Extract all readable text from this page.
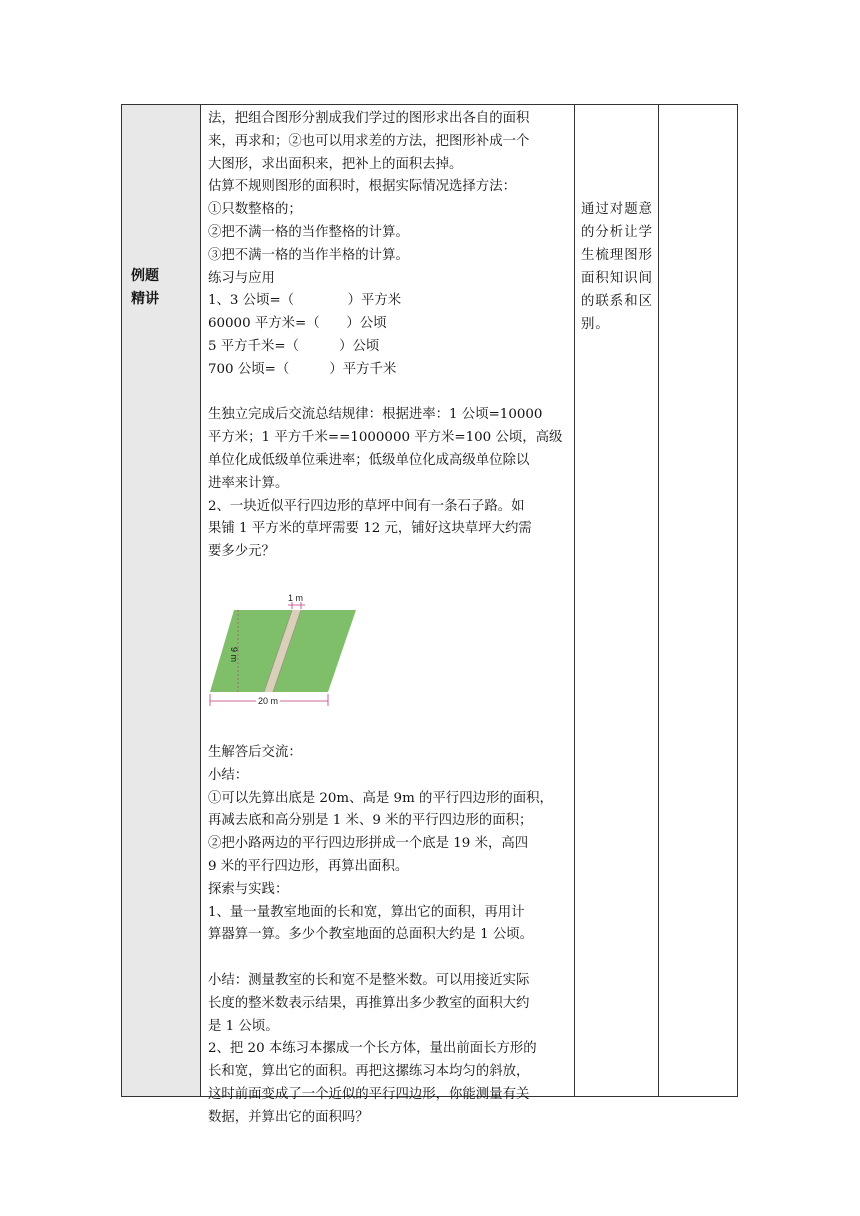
例题
精讲

法，把组合图形分割成我们学过的图形求出各自的面积

来，再求和；②也可以用求差的方法，把图形补成一个

大图形，求出面积来，把补上的面积去掉。

估算不规则图形的面积时，根据实际情况选择方法：

①只数整格的；

②把不满一格的当作整格的计算。

③把不满一格的当作半格的计算。

练习与应用

1、3 公顷=（　　　　）平方米

60000 平方米=（　　）公顷

5 平方千米=（　　　）公顷

700 公顷=（　　　）平方千米

生独立完成后交流总结规律：根据进率：1 公顷=10000

平方米；1 平方千米==1000000 平方米=100 公顷，高级

单位化成低级单位乘进率；低级单位化成高级单位除以

进率来计算。

2、一块近似平行四边形的草坪中间有一条石子路。如

果铺 1 平方米的草坪需要 12 元，铺好这块草坪大约需

要多少元？

1 m
9 m
20 m

生解答后交流：

小结：

①可以先算出底是 20m、高是 9m 的平行四边形的面积，

再减去底和高分别是 1 米、9 米的平行四边形的面积；

②把小路两边的平行四边形拼成一个底是 19 米，高四

9 米的平行四边形，再算出面积。

探索与实践：

1、量一量教室地面的长和宽，算出它的面积，再用计

算器算一算。多少个教室地面的总面积大约是 1 公顷。

小结：测量教室的长和宽不是整米数。可以用接近实际

长度的整米数表示结果，再推算出多少教室的面积大约

是 1 公顷。

2、把 20 本练习本摞成一个长方体，量出前面长方形的

长和宽，算出它的面积。再把这摞练习本均匀的斜放，

这时前面变成了一个近似的平行四边形，你能测量有关

数据，并算出它的面积吗？

通过对题意的分析让学生梳理图形面积知识间的联系和区别。
